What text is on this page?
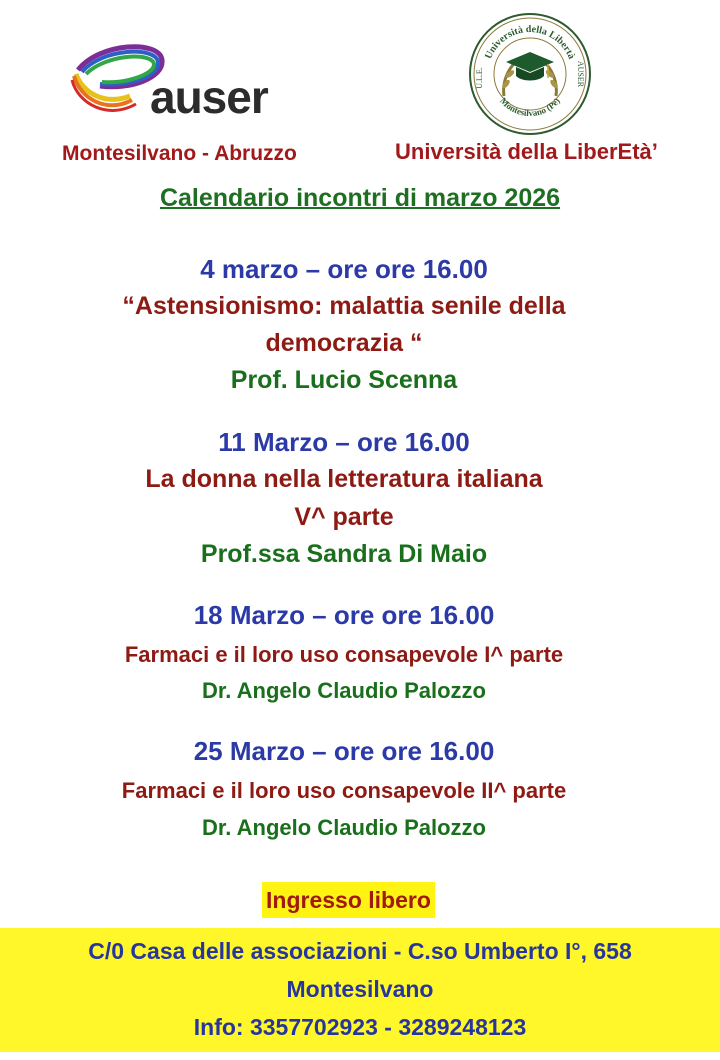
auser
Università della Libertà
Montesilvano (Pe)
U.L.E.	AUSER
Montesilvano - Abruzzo	Università della LiberEtà’
Calendario incontri di marzo 2026
4 marzo – ore ore 16.00
“Astensionismo: malattia senile della
democrazia “
Prof. Lucio Scenna
11 Marzo – ore 16.00
La donna nella letteratura italiana
V^ parte
Prof.ssa Sandra Di Maio
18 Marzo – ore ore 16.00
Farmaci e il loro uso consapevole I^ parte
Dr. Angelo Claudio Palozzo
25 Marzo – ore ore 16.00
Farmaci e il loro uso consapevole II^ parte
Dr. Angelo Claudio Palozzo
Ingresso libero
C/0 Casa delle associazioni - C.so Umberto I°, 658
Montesilvano
Info: 3357702923 - 3289248123
